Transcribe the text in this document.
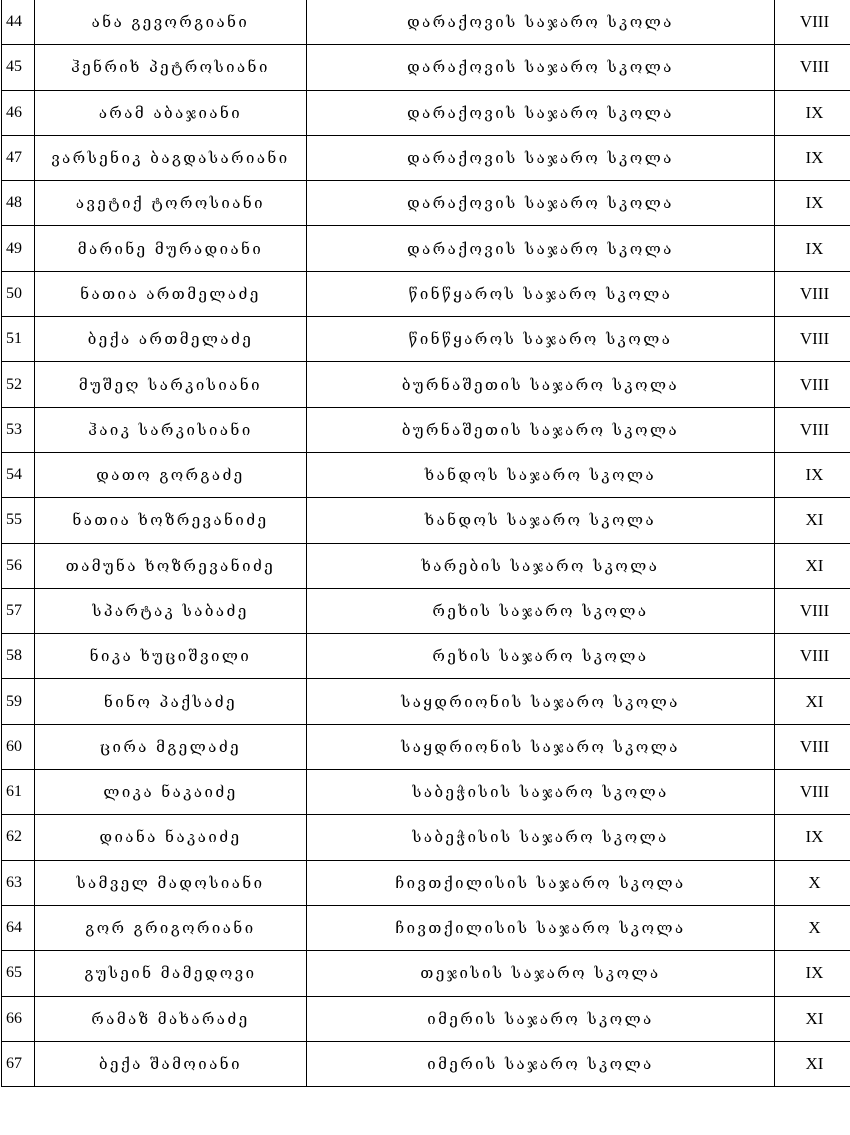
44	ანა გევორგიანი	დარაქოვის საჯარო სკოლა	VIII
45	ჰენრიხ პეტროსიანი	დარაქოვის საჯარო სკოლა	VIII
46	არამ აბაჯიანი	დარაქოვის საჯარო სკოლა	IX
47	ვარსენიკ ბაგდასარიანი	დარაქოვის საჯარო სკოლა	IX
48	ავეტიქ ტოროსიანი	დარაქოვის საჯარო სკოლა	IX
49	მარინე მურადიანი	დარაქოვის საჯარო სკოლა	IX
50	ნათია ართმელაძე	წინწყაროს საჯარო სკოლა	VIII
51	ბექა ართმელაძე	წინწყაროს საჯარო სკოლა	VIII
52	მუშეღ სარკისიანი	ბურნაშეთის საჯარო სკოლა	VIII
53	ჰაიკ სარკისიანი	ბურნაშეთის საჯარო სკოლა	VIII
54	დათო გორგაძე	ხანდოს საჯარო სკოლა	IX
55	ნათია ხოზრევანიძე	ხანდოს საჯარო სკოლა	XI
56	თამუნა ხოზრევანიძე	ხარების საჯარო სკოლა	XI
57	სპარტაკ საბაძე	რეხის საჯარო სკოლა	VIII
58	ნიკა ხუციშვილი	რეხის საჯარო სკოლა	VIII
59	ნინო პაქსაძე	საყდრიონის საჯარო სკოლა	XI
60	ცირა მგელაძე	საყდრიონის საჯარო სკოლა	VIII
61	ლიკა ნაკაიძე	საბეჭისის საჯარო სკოლა	VIII
62	დიანა ნაკაიძე	საბეჭისის საჯარო სკოლა	IX
63	სამველ მადოსიანი	ჩივთქილისის საჯარო სკოლა	X
64	გორ გრიგორიანი	ჩივთქილისის საჯარო სკოლა	X
65	გუსეინ მამედოვი	თეჯისის საჯარო სკოლა	IX
66	რამაზ მახარაძე	იმერის საჯარო სკოლა	XI
67	ბექა შამოიანი	იმერის საჯარო სკოლა	XI
